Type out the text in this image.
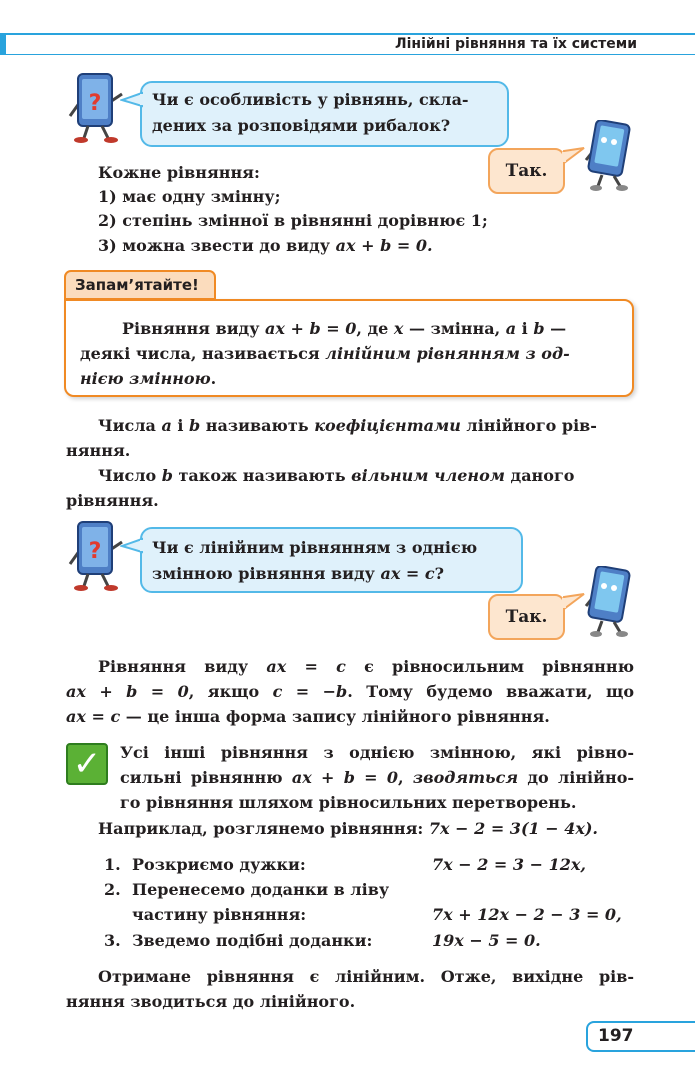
Лінійні рівняння та їх системи
?	Чи є особливість у рівнянь, скла-
дених за розповідями рибалок?
Так.
Кожне рівняння:
1) має одну змінну;
2) степінь змінної в рівнянні дорівнює 1;
3) можна звести до виду ax + b = 0.
Запам’ятайте!
Рівняння виду ax + b = 0, де x — змінна, a і b —
деякі числа, називається лінійним рівнянням з од-
нією змінною.
Числа a і b називають коефіцієнтами лінійного рів-
няння.
Число b також називають вільним членом даного
рівняння.
?	Чи є лінійним рівнянням з однією
змінною рівняння виду ax = c?
Так.
Рівняння виду ax = c є рівносильним рівнянню
ax + b = 0, якщо c = −b. Тому будемо вважати, що
ax = c — це інша форма запису лінійного рівняння.
✓ Усі інші рівняння з однією змінною, які рівно-
сильні рівнянню ax + b = 0, зводяться до лінійно-
го рівняння шляхом рівносильних перетворень.
Наприклад, розглянемо рівняння: 7x − 2 = 3(1 − 4x).
1. Розкриємо дужки:	7x − 2 = 3 − 12x,
2. Перенесемо доданки в ліву
частину рівняння:	7x + 12x − 2 − 3 = 0,
3. Зведемо подібні доданки:	19x − 5 = 0.
Отримане рівняння є лінійним. Отже, вихідне рів-
няння зводиться до лінійного.
197
